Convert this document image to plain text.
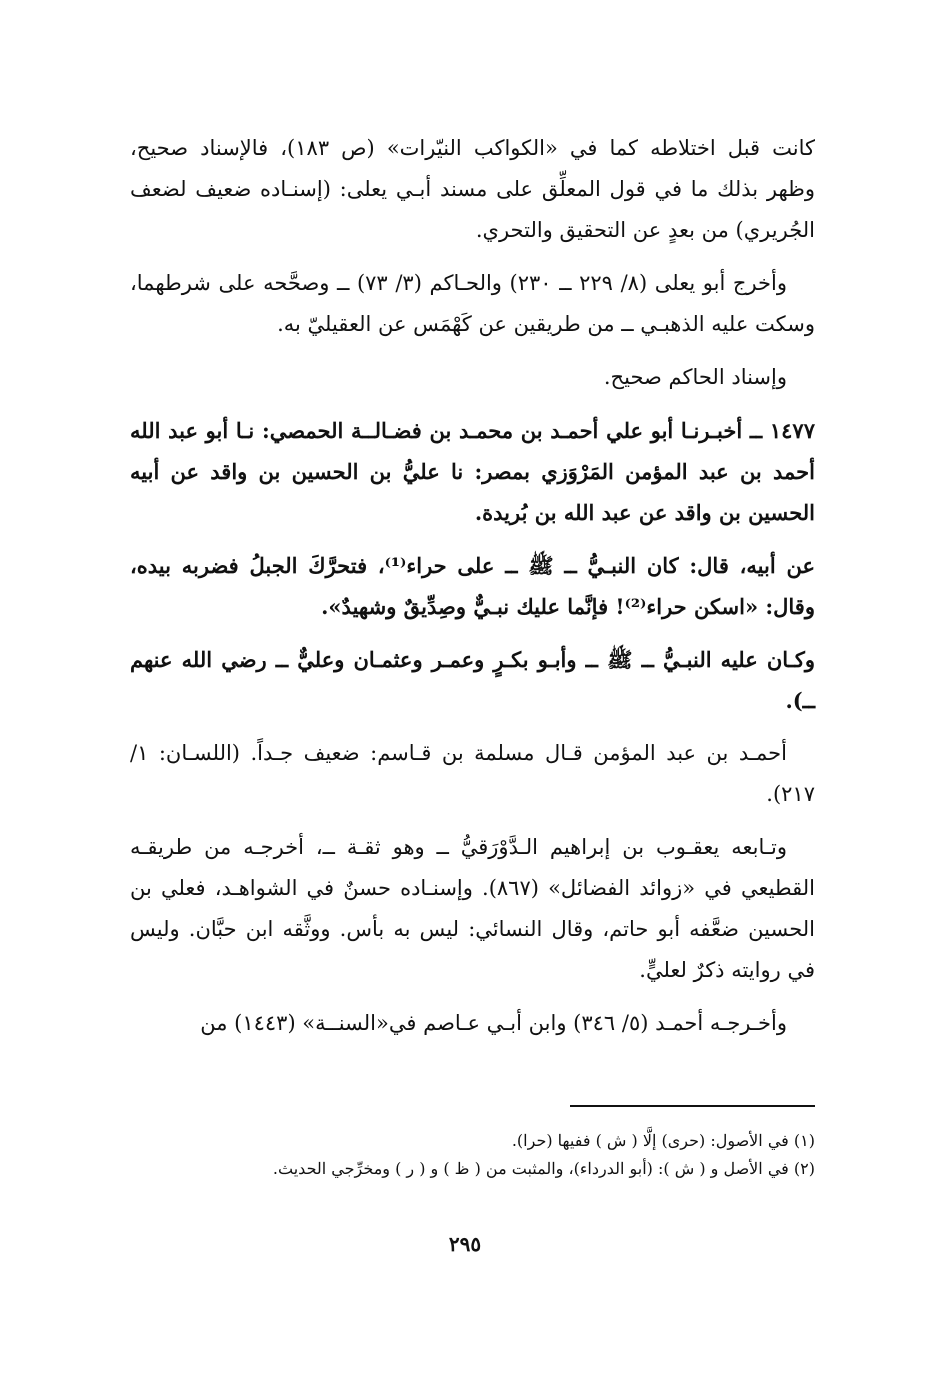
كانت قبل اختلاطه كما في «الكواكب النيّرات» (ص ١٨٣)، فالإسناد صحيح، وظهر بذلك ما في قول المعلِّق على مسند أبـي يعلى: (إسنـاده ضعيف لضعف الجُريري) من بعدٍ عن التحقيق والتحري.

وأخرج أبو يعلى (٨/ ٢٢٩ ــ ٢٣٠) والحـاكم (٣/ ٧٣) ــ وصحَّحه على شرطهما، وسكت عليه الذهبـي ــ من طريقين عن كَهْمَس عن العقيليّ به.

وإسناد الحاكم صحيح.

١٤٧٧ ــ أخبـرنـا أبو علي أحمـد بن محمـد بن فضـالــة الحمصي: نـا أبو عبد الله أحمد بن عبد المؤمن المَرْوَزي بمصر: نا عليُّ بن الحسين بن واقد عن أبيه الحسين بن واقد عن عبد الله بن بُريدة.

عن أبيه، قال: كان النبـيُّ ــ ﷺ ــ على حراء⁽¹⁾، فتحرَّكَ الجبلُ فضربه بيده، وقال: «اسكن حراء⁽²⁾! فإنَّما عليك نبـيٌّ وصِدِّيقٌ وشهيدٌ».

وكـان عليه النبـيُّ ــ ﷺ ــ وأبـو بكـرٍ وعمـر وعثمـان وعليٌّ ــ رضي الله عنهم ــ).

أحمـد بن عبد المؤمن قـال مسلمة بن قـاسم: ضعيف جـداً. (اللسـان: ١/ ٢١٧).

وتـابعه يعقـوب بن إبراهيم الـدَّوْرَقيُّ ــ وهو ثقـة ــ، أخرجـه من طريقـه القطيعي في «زوائد الفضائل» (٨٦٧). وإسنـاده حسنٌ في الشواهـد، فعلي بن الحسين ضعَّفه أبو حاتم، وقال النسائي: ليس به بأس. ووثَّقه ابن حبَّان. وليس في روايته ذكرٌ لعليٍّ.

وأخـرجـه أحمـد (٥/ ٣٤٦) وابن أبـي عـاصم في«السنــة» (١٤٤٣) من

(١) في الأصول: (حرى) إلَّا ( ش ) ففيها (حرا).

(٢) في الأصل و ( ش ): (أبو الدرداء)، والمثبت من ( ظ ) و ( ر ) ومخرِّجي الحديث.

٢٩٥
